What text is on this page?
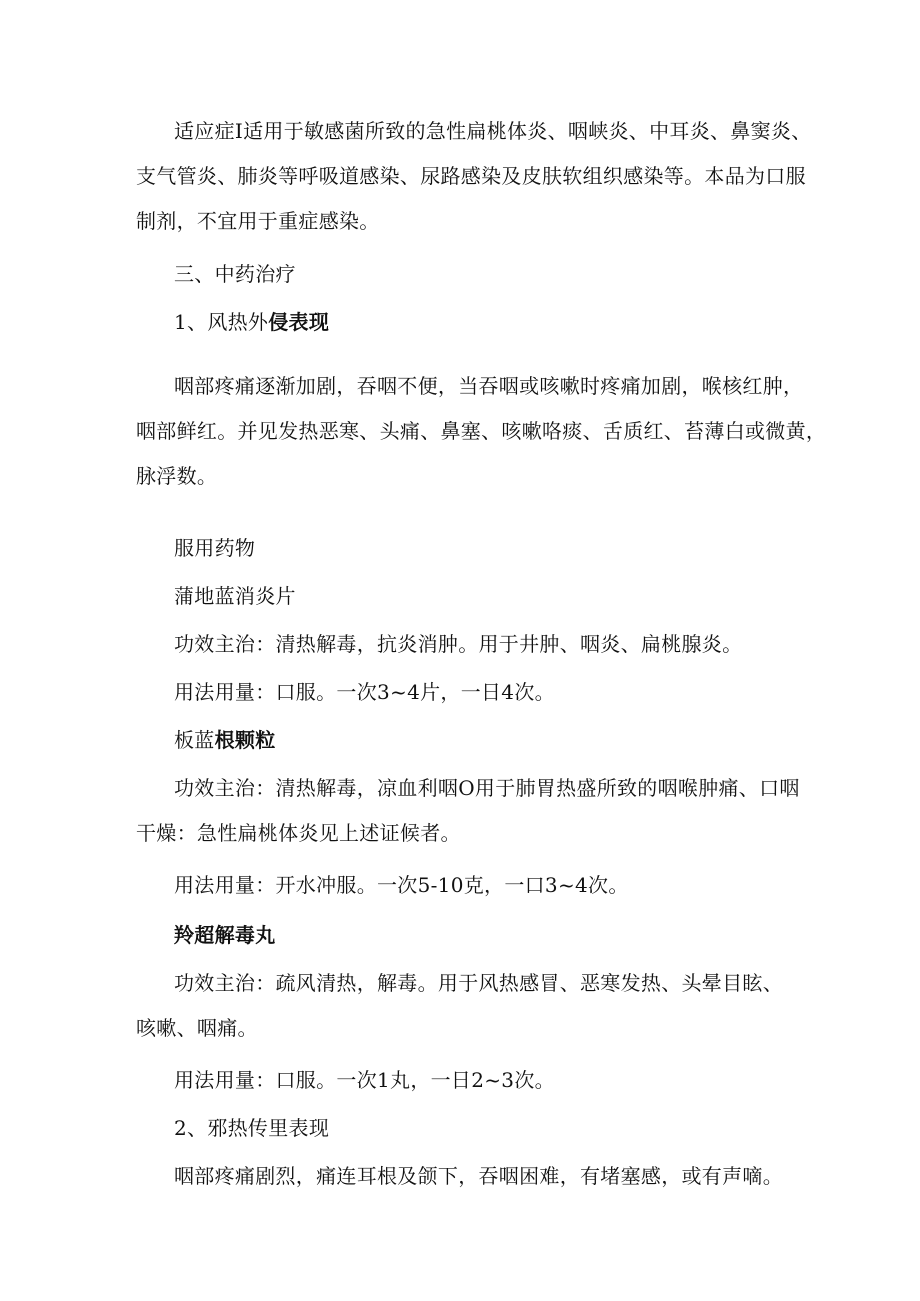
适应症I适用于敏感菌所致的急性扁桃体炎、咽峡炎、中耳炎、鼻窦炎、
支气管炎、肺炎等呼吸道感染、尿路感染及皮肤软组织感染等。本品为口服
制剂，不宜用于重症感染。
三、中药治疗
1、风热外侵表现
咽部疼痛逐渐加剧，吞咽不便，当吞咽或咳嗽时疼痛加剧，喉核红肿，
咽部鲜红。并见发热恶寒、头痛、鼻塞、咳嗽咯痰、舌质红、苔薄白或微黄，
脉浮数。
服用药物
蒲地蓝消炎片
功效主治：清热解毒，抗炎消肿。用于井肿、咽炎、扁桃腺炎。
用法用量：口服。一次3~4片，一日4次。
板蓝根颗粒
功效主治：清热解毒，凉血利咽O用于肺胃热盛所致的咽喉肿痛、口咽
干燥：急性扁桃体炎见上述证候者。
用法用量：开水冲服。一次5-10克，一口3~4次。
羚超解毒丸
功效主治：疏风清热，解毒。用于风热感冒、恶寒发热、头晕目眩、
咳嗽、咽痛。
用法用量：口服。一次1丸，一日2~3次。
2、邪热传里表现
咽部疼痛剧烈，痛连耳根及颌下，吞咽困难，有堵塞感，或有声嘀。
